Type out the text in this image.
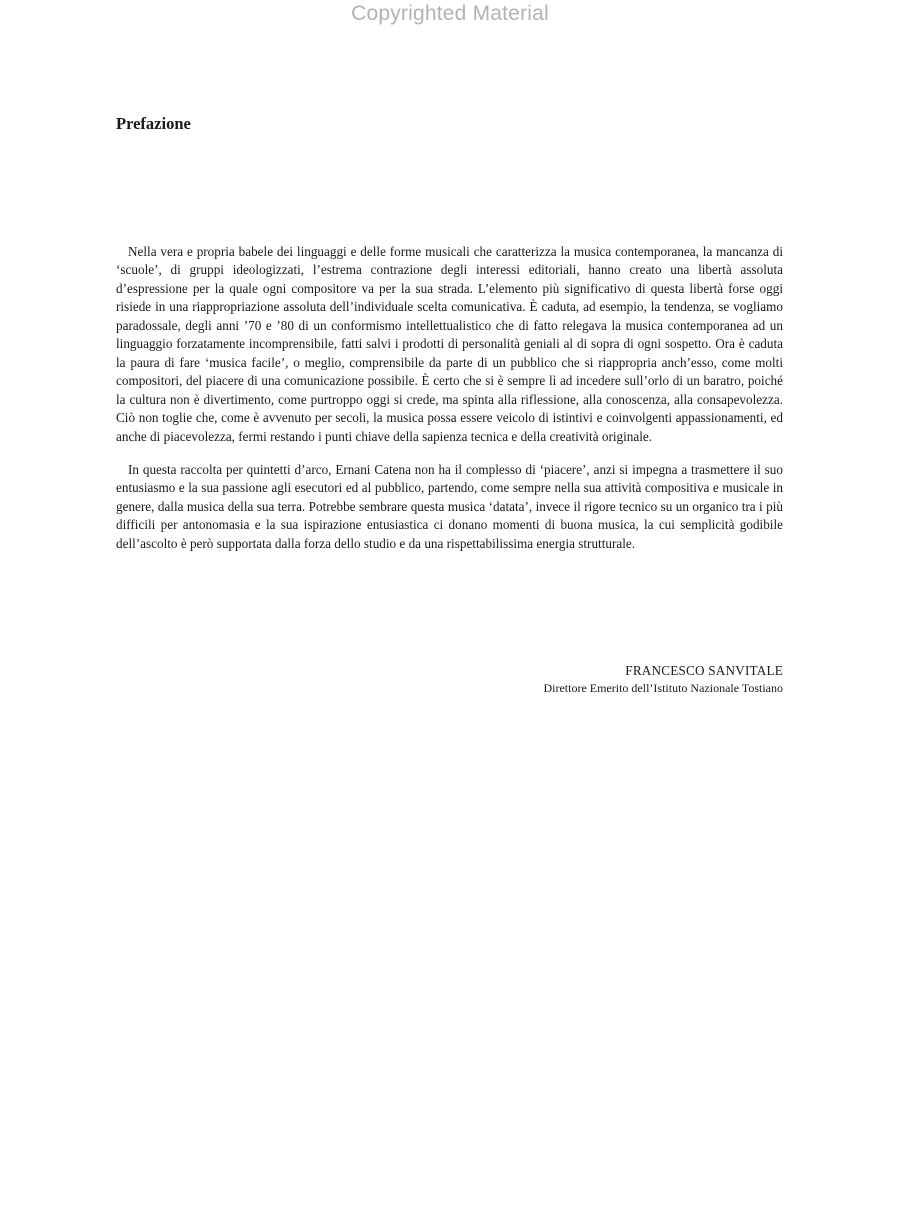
Copyrighted Material
Prefazione

Nella vera e propria babele dei linguaggi e delle forme musicali che caratterizza la musica contemporanea, la mancanza di ‘scuole’, di gruppi ideologizzati, l’estrema contrazione degli interessi editoriali, hanno creato una libertà assoluta d’espressione per la quale ogni compositore va per la sua strada. L’elemento più significativo di questa libertà forse oggi risiede in una riappropriazione assoluta dell’individuale scelta comunicativa. È caduta, ad esempio, la tendenza, se vogliamo paradossale, degli anni ’70 e ’80 di un conformismo intellettualistico che di fatto relegava la musica contemporanea ad un linguaggio forzatamente incomprensibile, fatti salvi i prodotti di personalità geniali al di sopra di ogni sospetto. Ora è caduta la paura di fare ‘musica facile’, o meglio, comprensibile da parte di un pubblico che si riappropria anch’esso, come molti compositori, del piacere di una comunicazione possibile. È certo che si è sempre lì ad incedere sull’orlo di un baratro, poiché la cultura non è divertimento, come purtroppo oggi si crede, ma spinta alla riflessione, alla conoscenza, alla consapevolezza. Ciò non toglie che, come è avvenuto per secoli, la musica possa essere veicolo di istintivi e coinvolgenti appassionamenti, ed anche di piacevolezza, fermi restando i punti chiave della sapienza tecnica e della creatività originale.

In questa raccolta per quintetti d’arco, Ernani Catena non ha il complesso di ‘piacere’, anzi si impegna a trasmettere il suo entusiasmo e la sua passione agli esecutori ed al pubblico, partendo, come sempre nella sua attività compositiva e musicale in genere, dalla musica della sua terra. Potrebbe sembrare questa musica ‘datata’, invece il rigore tecnico su un organico tra i più difficili per antonomasia e la sua ispirazione entusiastica ci donano momenti di buona musica, la cui semplicità godibile dell’ascolto è però supportata dalla forza dello studio e da una rispettabilissima energia strutturale.

FRANCESCO SANVITALE
Direttore Emerito dell’Istituto Nazionale Tostiano
